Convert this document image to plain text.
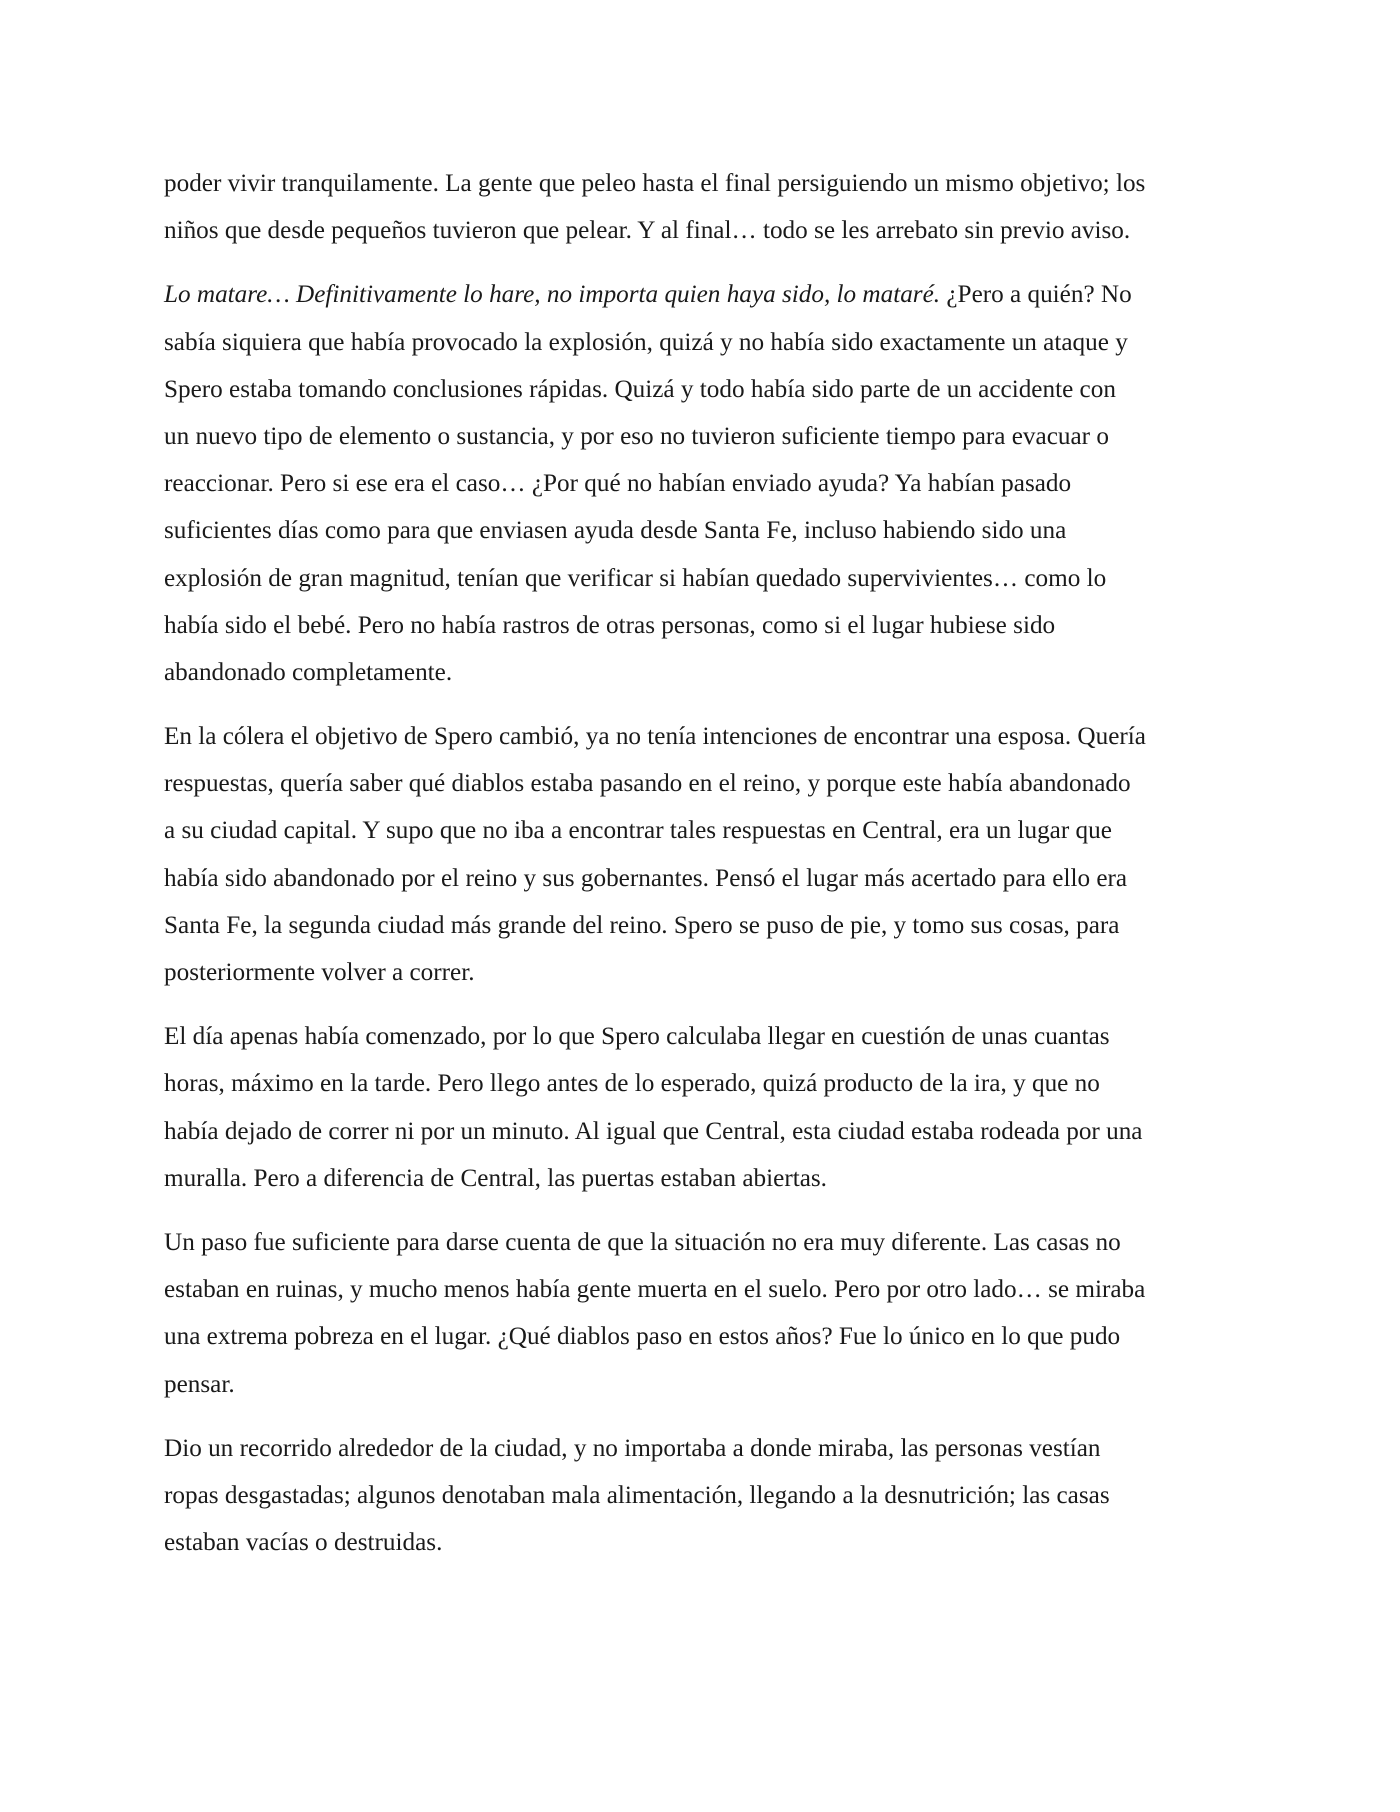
poder vivir tranquilamente. La gente que peleo hasta el final persiguiendo un mismo objetivo; los
niños que desde pequeños tuvieron que pelear. Y al final… todo se les arrebato sin previo aviso.

Lo matare… Definitivamente lo hare, no importa quien haya sido, lo mataré. ¿Pero a quién? No
sabía siquiera que había provocado la explosión, quizá y no había sido exactamente un ataque y
Spero estaba tomando conclusiones rápidas. Quizá y todo había sido parte de un accidente con
un nuevo tipo de elemento o sustancia, y por eso no tuvieron suficiente tiempo para evacuar o
reaccionar. Pero si ese era el caso… ¿Por qué no habían enviado ayuda? Ya habían pasado
suficientes días como para que enviasen ayuda desde Santa Fe, incluso habiendo sido una
explosión de gran magnitud, tenían que verificar si habían quedado supervivientes… como lo
había sido el bebé. Pero no había rastros de otras personas, como si el lugar hubiese sido
abandonado completamente.

En la cólera el objetivo de Spero cambió, ya no tenía intenciones de encontrar una esposa. Quería
respuestas, quería saber qué diablos estaba pasando en el reino, y porque este había abandonado
a su ciudad capital. Y supo que no iba a encontrar tales respuestas en Central, era un lugar que
había sido abandonado por el reino y sus gobernantes. Pensó el lugar más acertado para ello era
Santa Fe, la segunda ciudad más grande del reino. Spero se puso de pie, y tomo sus cosas, para
posteriormente volver a correr.

El día apenas había comenzado, por lo que Spero calculaba llegar en cuestión de unas cuantas
horas, máximo en la tarde. Pero llego antes de lo esperado, quizá producto de la ira, y que no
había dejado de correr ni por un minuto. Al igual que Central, esta ciudad estaba rodeada por una
muralla. Pero a diferencia de Central, las puertas estaban abiertas.

Un paso fue suficiente para darse cuenta de que la situación no era muy diferente. Las casas no
estaban en ruinas, y mucho menos había gente muerta en el suelo. Pero por otro lado… se miraba
una extrema pobreza en el lugar. ¿Qué diablos paso en estos años? Fue lo único en lo que pudo
pensar.

Dio un recorrido alrededor de la ciudad, y no importaba a donde miraba, las personas vestían
ropas desgastadas; algunos denotaban mala alimentación, llegando a la desnutrición; las casas
estaban vacías o destruidas.
